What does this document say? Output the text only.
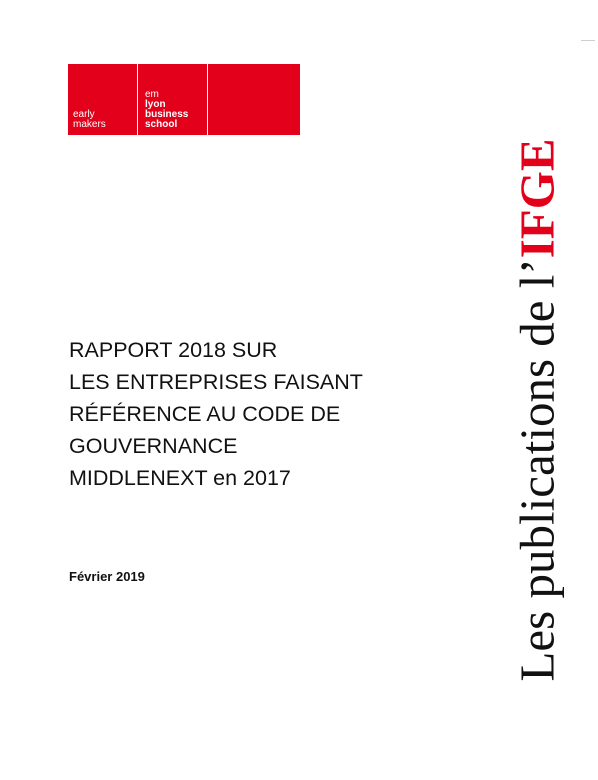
early
makers
em
lyon
business
school
RAPPORT 2018 SUR
LES ENTREPRISES FAISANT
RÉFÉRENCE AU CODE DE
GOUVERNANCE
MIDDLENEXT en 2017
Février 2019	Les publications de l’IFGE
